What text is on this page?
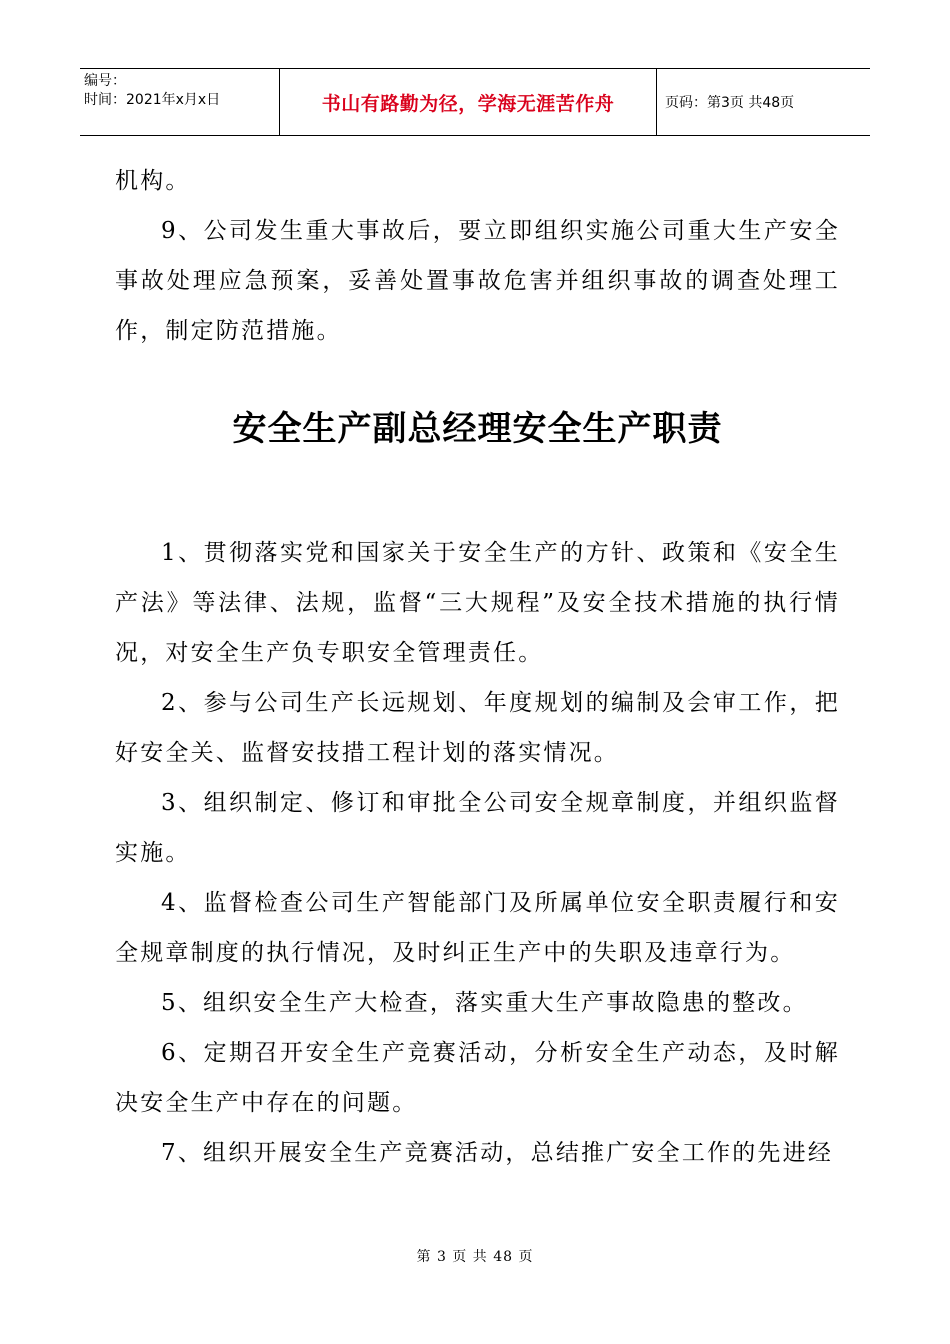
编号：
时间：2021年x月x日	书山有路勤为径，学海无涯苦作舟	页码：第3页 共48页

机构。

9、公司发生重大事故后，要立即组织实施公司重大生产安全事故处理应急预案，妥善处置事故危害并组织事故的调查处理工作，制定防范措施。

安全生产副总经理安全生产职责

1、贯彻落实党和国家关于安全生产的方针、政策和《安全生产法》等法律、法规，监督“三大规程”及安全技术措施的执行情况，对安全生产负专职安全管理责任。

2、参与公司生产长远规划、年度规划的编制及会审工作，把好安全关、监督安技措工程计划的落实情况。

3、组织制定、修订和审批全公司安全规章制度，并组织监督实施。

4、监督检查公司生产智能部门及所属单位安全职责履行和安全规章制度的执行情况，及时纠正生产中的失职及违章行为。

5、组织安全生产大检查，落实重大生产事故隐患的整改。

6、定期召开安全生产竞赛活动，分析安全生产动态，及时解决安全生产中存在的问题。

7、组织开展安全生产竞赛活动，总结推广安全工作的先进经

第 3 页 共 48 页
